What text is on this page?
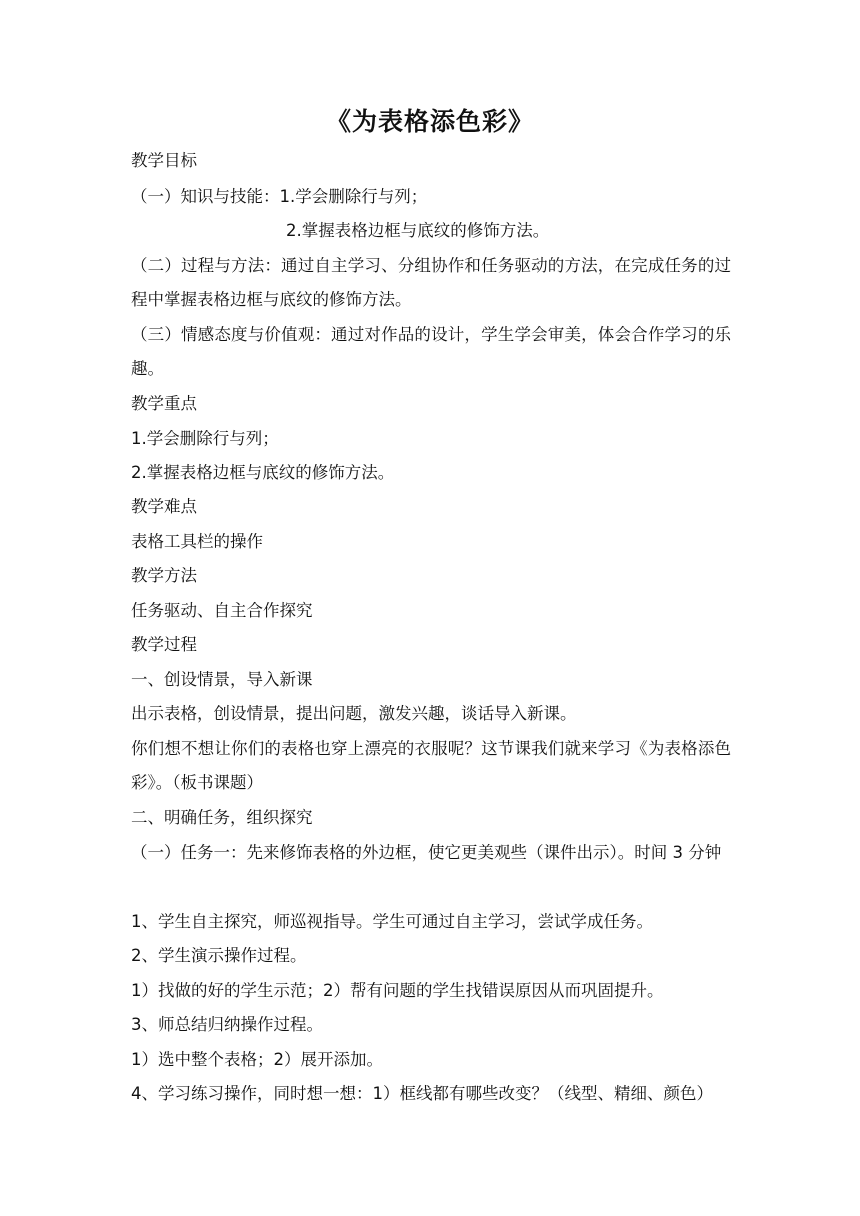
《为表格添色彩》
教学目标
（一）知识与技能：1.学会删除行与列；
2.掌握表格边框与底纹的修饰方法。
（二）过程与方法：通过自主学习、分组协作和任务驱动的方法，在完成任务的过程中掌握表格边框与底纹的修饰方法。
（三）情感态度与价值观：通过对作品的设计，学生学会审美，体会合作学习的乐趣。
教学重点
1.学会删除行与列；
2.掌握表格边框与底纹的修饰方法。
教学难点
表格工具栏的操作
教学方法
任务驱动、自主合作探究
教学过程
一、创设情景，导入新课
出示表格，创设情景，提出问题，激发兴趣，谈话导入新课。
你们想不想让你们的表格也穿上漂亮的衣服呢？这节课我们就来学习《为表格添色彩》。（板书课题）
二、明确任务，组织探究
（一）任务一：先来修饰表格的外边框，使它更美观些（课件出示）。时间 3 分钟
1、学生自主探究，师巡视指导。学生可通过自主学习，尝试学成任务。
2、学生演示操作过程。
1）找做的好的学生示范；2）帮有问题的学生找错误原因从而巩固提升。
3、师总结归纳操作过程。
1）选中整个表格；2）展开添加。
4、学习练习操作，同时想一想：1）框线都有哪些改变？（线型、精细、颜色）
